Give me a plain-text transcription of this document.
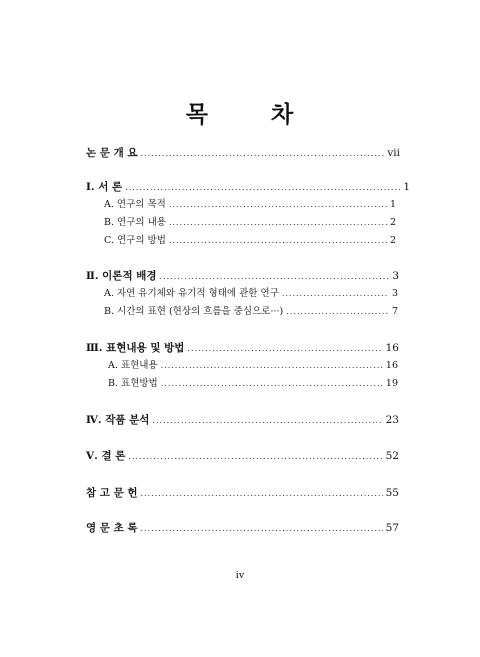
목	차
논 문 개 요 .....	vii
Ⅰ. 서 론 .....	1
A. 연구의 목적 .....	1
B. 연구의 내용 .....	2
C. 연구의 방법 .....	2
Ⅱ. 이론적 배경 .....	3
A. 자연 유기체와 유기적 형태에 관한 연구 .....	3
B. 시간의 표현 (현상의 흐름을 중심으로···) .....	7
Ⅲ. 표현내용 및 방법 .....	16
A. 표현내용 .....	16
B. 표현방법 .....	19
Ⅳ. 작품 분석 .....	23
Ⅴ. 결 론 .....	52
참 고 문 헌 .....	55
영 문 초 록 .....	57
iv
